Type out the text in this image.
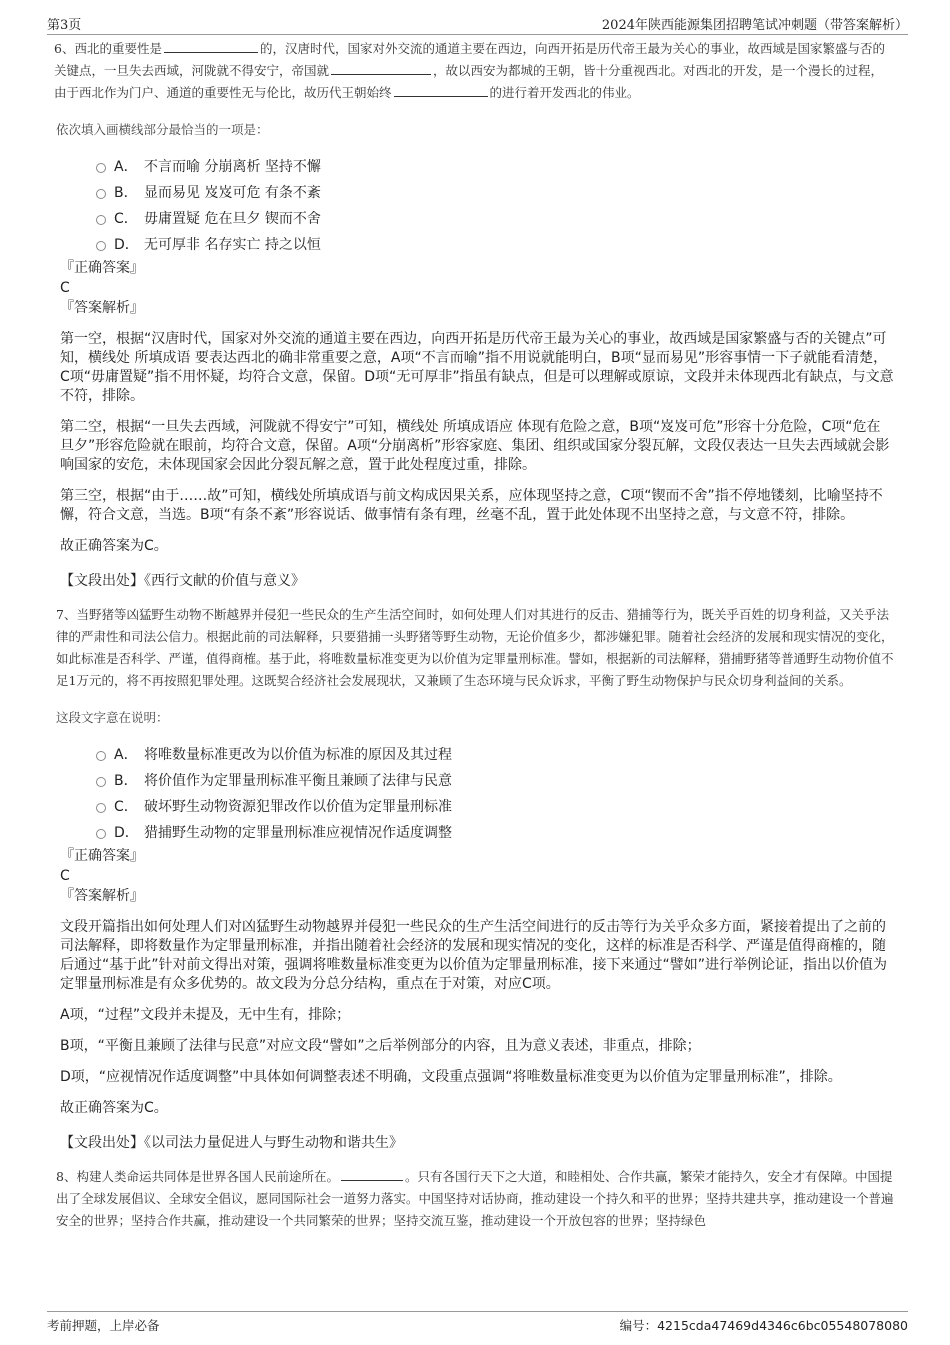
第3页	2024年陕西能源集团招聘笔试冲刺题（带答案解析）

6、西北的重要性是	的，汉唐时代，国家对外交流的通道主要在西边，向西开拓是历代帝王最为关心的事业，故西域是国家繁盛与否的关键点，一旦失去西域，河陇就不得安宁，帝国就	，故以西安为都城的王朝，皆十分重视西北。对西北的开发，是一个漫长的过程，由于西北作为门户、通道的重要性无与伦比，故历代王朝始终	的进行着开发西北的伟业。

依次填入画横线部分最恰当的一项是：
A． 不言而喻 分崩离析 坚持不懈
B． 显而易见 岌岌可危 有条不紊
C． 毋庸置疑 危在旦夕 锲而不舍
D． 无可厚非 名存实亡 持之以恒
『正确答案』
C
『答案解析』

第一空，根据“汉唐时代，国家对外交流的通道主要在西边，向西开拓是历代帝王最为关心的事业，故西域是国家繁盛与否的关键点”可知，横线处 所填成语 要表达西北的确非常重要之意，A项“不言而喻”指不用说就能明白，B项“显而易见”形容事情一下子就能看清楚，C项“毋庸置疑”指不用怀疑，均符合文意，保留。D项“无可厚非”指虽有缺点，但是可以理解或原谅，文段并未体现西北有缺点，与文意不符，排除。

第二空，根据“一旦失去西域，河陇就不得安宁”可知，横线处 所填成语应 体现有危险之意，B项“岌岌可危”形容十分危险，C项“危在旦夕”形容危险就在眼前，均符合文意，保留。A项“分崩离析”形容家庭、集团、组织或国家分裂瓦解，文段仅表达一旦失去西域就会影响国家的安危，未体现国家会因此分裂瓦解之意，置于此处程度过重，排除。

第三空，根据“由于……故”可知，横线处所填成语与前文构成因果关系，应体现坚持之意，C项“锲而不舍”指不停地镂刻，比喻坚持不懈，符合文意，当选。B项“有条不紊”形容说话、做事情有条有理，丝毫不乱，置于此处体现不出坚持之意，与文意不符，排除。

故正确答案为C。

【文段出处】《西行文献的价值与意义》

7、当野猪等凶猛野生动物不断越界并侵犯一些民众的生产生活空间时，如何处理人们对其进行的反击、猎捕等行为，既关乎百姓的切身利益，又关乎法律的严肃性和司法公信力。根据此前的司法解释，只要猎捕一头野猪等野生动物，无论价值多少，都涉嫌犯罪。随着社会经济的发展和现实情况的变化，如此标准是否科学、严谨，值得商榷。基于此，将唯数量标准变更为以价值为定罪量刑标准。譬如，根据新的司法解释，猎捕野猪等普通野生动物价值不足1万元的，将不再按照犯罪处理。这既契合经济社会发展现状，又兼顾了生态环境与民众诉求，平衡了野生动物保护与民众切身利益间的关系。

这段文字意在说明：
A． 将唯数量标准更改为以价值为标准的原因及其过程
B． 将价值作为定罪量刑标准平衡且兼顾了法律与民意
C． 破坏野生动物资源犯罪改作以价值为定罪量刑标准
D． 猎捕野生动物的定罪量刑标准应视情况作适度调整
『正确答案』
C
『答案解析』

文段开篇指出如何处理人们对凶猛野生动物越界并侵犯一些民众的生产生活空间进行的反击等行为关乎众多方面，紧接着提出了之前的司法解释，即将数量作为定罪量刑标准，并指出随着社会经济的发展和现实情况的变化，这样的标准是否科学、严谨是值得商榷的，随后通过“基于此”针对前文得出对策，强调将唯数量标准变更为以价值为定罪量刑标准，接下来通过“譬如”进行举例论证，指出以价值为定罪量刑标准是有众多优势的。故文段为分总分结构，重点在于对策，对应C项。

A项，“过程”文段并未提及，无中生有，排除；

B项，“平衡且兼顾了法律与民意”对应文段“譬如”之后举例部分的内容，且为意义表述，非重点，排除；

D项，“应视情况作适度调整”中具体如何调整表述不明确，文段重点强调“将唯数量标准变更为以价值为定罪量刑标准”，排除。

故正确答案为C。

【文段出处】《以司法力量促进人与野生动物和谐共生》

8、构建人类命运共同体是世界各国人民前途所在。	。只有各国行天下之大道，和睦相处、合作共赢，繁荣才能持久，安全才有保障。中国提出了全球发展倡议、全球安全倡议，愿同国际社会一道努力落实。中国坚持对话协商，推动建设一个持久和平的世界；坚持共建共享，推动建设一个普遍安全的世界；坚持合作共赢，推动建设一个共同繁荣的世界；坚持交流互鉴，推动建设一个开放包容的世界；坚持绿色

考前押题，上岸必备	编号：4215cda47469d4346c6bc05548078080
